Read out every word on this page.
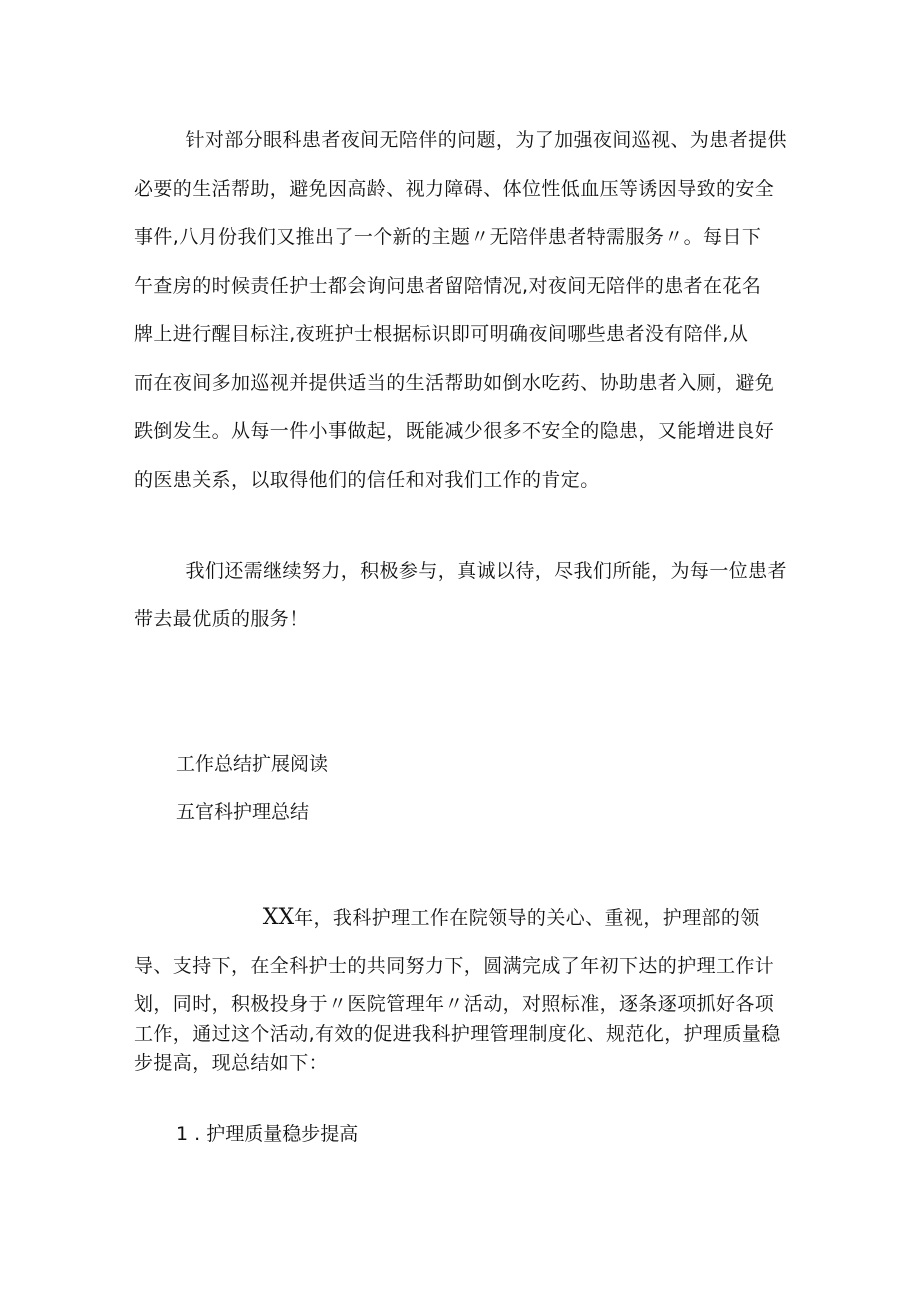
针对部分眼科患者夜间无陪伴的问题，为了加强夜间巡视、为患者提供
必要的生活帮助，避免因高龄、视力障碍、体位性低血压等诱因导致的安全
事件,八月份我们又推出了一个新的主题〃无陪伴患者特需服务〃。每日下
午查房的时候责任护士都会询问患者留陪情况,对夜间无陪伴的患者在花名
牌上进行醒目标注,夜班护士根据标识即可明确夜间哪些患者没有陪伴,从
而在夜间多加巡视并提供适当的生活帮助如倒水吃药、协助患者入厕，避免
跌倒发生。从每一件小事做起，既能减少很多不安全的隐患，又能增进良好
的医患关系，以取得他们的信任和对我们工作的肯定。
我们还需继续努力，积极参与，真诚以待，尽我们所能，为每一位患者
带去最优质的服务！

工作总结扩展阅读

五官科护理总结

XX年，我科护理工作在院领导的关心、重视，护理部的领
导、支持下，在全科护士的共同努力下，圆满完成了年初下达的护理工作计
划，同时，积极投身于〃医院管理年〃活动，对照标准，逐条逐项抓好各项
工作，通过这个活动,有效的促进我科护理管理制度化、规范化，护理质量稳
步提高，现总结如下：

1 . 护理质量稳步提高
